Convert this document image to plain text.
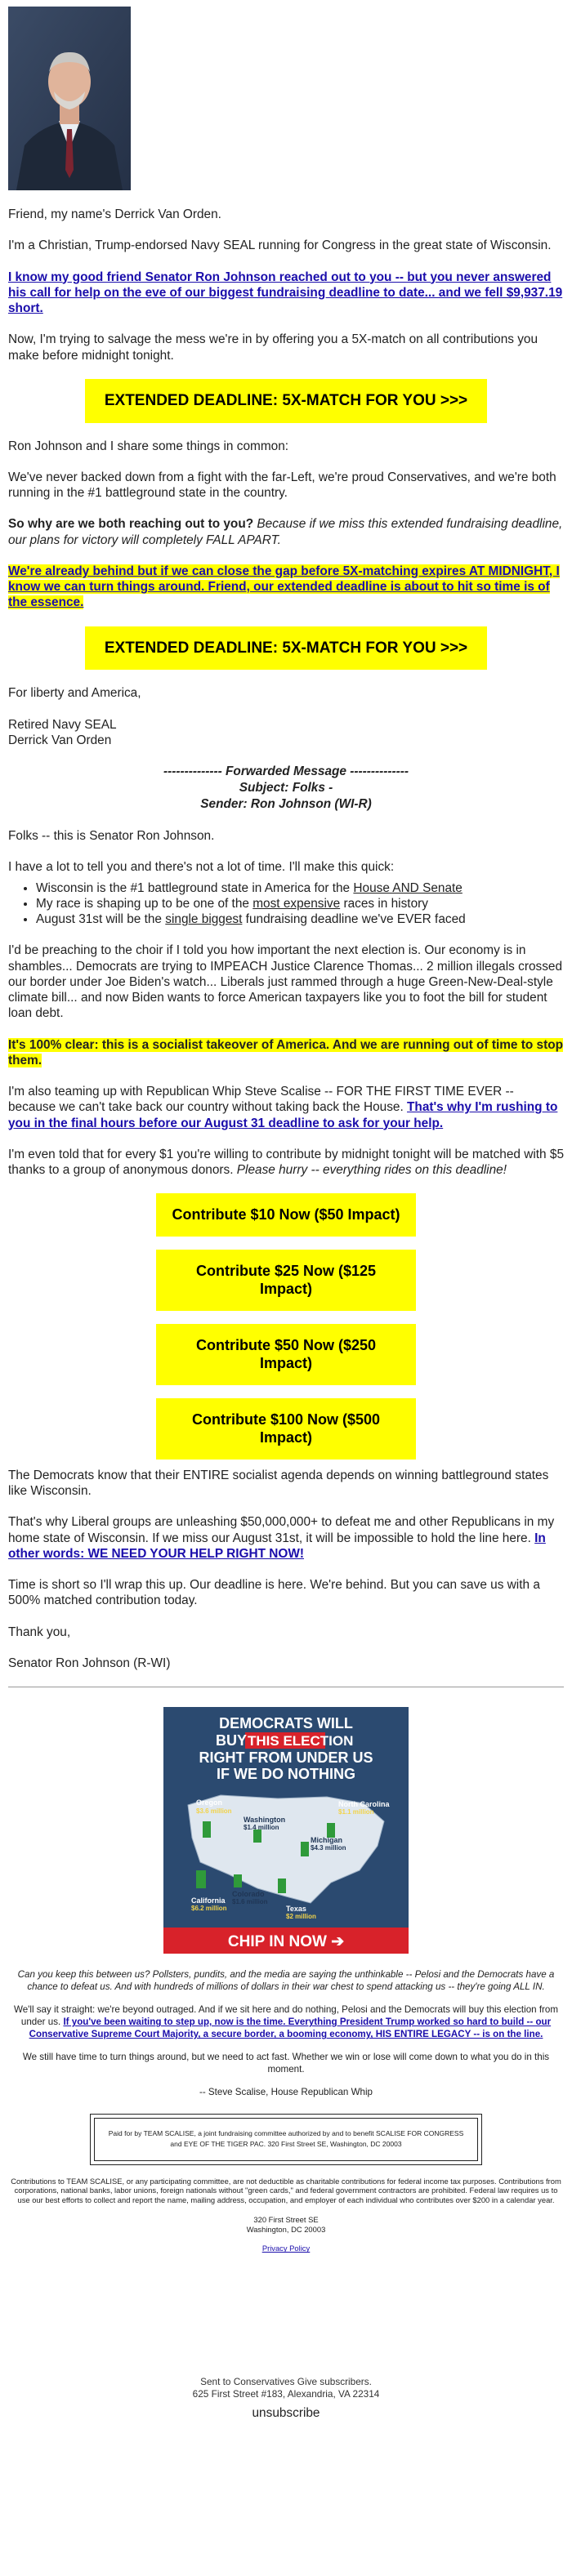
Friend, my name's Derrick Van Orden.

I'm a Christian, Trump-endorsed Navy SEAL running for Congress in the great state of Wisconsin.

I know my good friend Senator Ron Johnson reached out to you -- but you never answered his call for help on the eve of our biggest fundraising deadline to date... and we fell $9,937.19 short.

Now, I'm trying to salvage the mess we're in by offering you a 5X-match on all contributions you make before midnight tonight.

EXTENDED DEADLINE: 5X-MATCH FOR YOU >>>

Ron Johnson and I share some things in common:

We've never backed down from a fight with the far-Left, we're proud Conservatives, and we're both running in the #1 battleground state in the country.

So why are we both reaching out to you? Because if we miss this extended fundraising deadline, our plans for victory will completely FALL APART.

We're already behind but if we can close the gap before 5X-matching expires AT MIDNIGHT, I know we can turn things around. Friend, our extended deadline is about to hit so time is of the essence.

EXTENDED DEADLINE: 5X-MATCH FOR YOU >>>

For liberty and America,

Retired Navy SEAL
Derrick Van Orden

-------------- Forwarded Message --------------
Subject: Folks -
Sender: Ron Johnson (WI-R)

Folks -- this is Senator Ron Johnson.

I have a lot to tell you and there's not a lot of time. I'll make this quick:

• Wisconsin is the #1 battleground state in America for the House AND Senate
• My race is shaping up to be one of the most expensive races in history
• August 31st will be the single biggest fundraising deadline we've EVER faced

I'd be preaching to the choir if I told you how important the next election is. Our economy is in shambles... Democrats are trying to IMPEACH Justice Clarence Thomas... 2 million illegals crossed our border under Joe Biden's watch... Liberals just rammed through a huge Green-New-Deal-style climate bill... and now Biden wants to force American taxpayers like you to foot the bill for student loan debt.

It's 100% clear: this is a socialist takeover of America. And we are running out of time to stop them.

I'm also teaming up with Republican Whip Steve Scalise -- FOR THE FIRST TIME EVER -- because we can't take back our country without taking back the House. That's why I'm rushing to you in the final hours before our August 31 deadline to ask for your help.

I'm even told that for every $1 you're willing to contribute by midnight tonight will be matched with $5 thanks to a group of anonymous donors. Please hurry -- everything rides on this deadline!

Contribute $10 Now ($50 Impact)
Contribute $25 Now ($125 Impact)
Contribute $50 Now ($250 Impact)
Contribute $100 Now ($500 Impact)

The Democrats know that their ENTIRE socialist agenda depends on winning battleground states like Wisconsin.

That's why Liberal groups are unleashing $50,000,000+ to defeat me and other Republicans in my home state of Wisconsin. If we miss our August 31st, it will be impossible to hold the line here. In other words: WE NEED YOUR HELP RIGHT NOW!

Time is short so I'll wrap this up. Our deadline is here. We're behind. But you can save us with a 500% matched contribution today.

Thank you,

Senator Ron Johnson (R-WI)

DEMOCRATS WILL
BUY THIS ELECTION
RIGHT FROM UNDER US
IF WE DO NOTHING
Oregon
$3.6 million
Washington
$1.4 million
North Carolina
$1.1 million
Michigan
$4.3 million
California
$6.2 million
Colorado
$1.6 million
Texas
$2 million
CHIP IN NOW ➔

Can you keep this between us? Pollsters, pundits, and the media are saying the unthinkable -- Pelosi and the Democrats have a chance to defeat us. And with hundreds of millions of dollars in their war chest to spend attacking us -- they're going ALL IN.

We'll say it straight: we're beyond outraged. And if we sit here and do nothing, Pelosi and the Democrats will buy this election from under us. If you've been waiting to step up, now is the time. Everything President Trump worked so hard to build -- our Conservative Supreme Court Majority, a secure border, a booming economy, HIS ENTIRE LEGACY -- is on the line.

We still have time to turn things around, but we need to act fast. Whether we win or lose will come down to what you do in this moment.

-- Steve Scalise, House Republican Whip

Paid for by TEAM SCALISE, a joint fundraising committee authorized by and to benefit SCALISE FOR CONGRESS and EYE OF THE TIGER PAC. 320 First Street SE, Washington, DC 20003

Contributions to TEAM SCALISE, or any participating committee, are not deductible as charitable contributions for federal income tax purposes. Contributions from corporations, national banks, labor unions, foreign nationals without "green cards," and federal government contractors are prohibited. Federal law requires us to use our best efforts to collect and report the name, mailing address, occupation, and employer of each individual who contributes over $200 in a calendar year.

320 First Street SE
Washington, DC 20003

Privacy Policy

Sent to Conservatives Give subscribers.
625 First Street #183, Alexandria, VA 22314
unsubscribe
